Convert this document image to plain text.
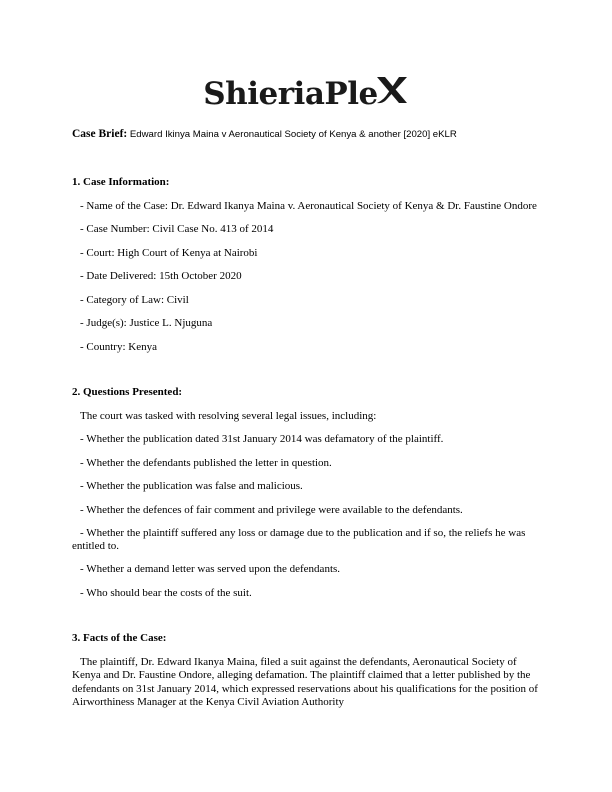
ShieriaPle
X
Case Brief: Edward Ikinya Maina v Aeronautical Society of Kenya & another [2020] eKLR

1. Case Information:

- Name of the Case: Dr. Edward Ikanya Maina v. Aeronautical Society of Kenya & Dr. Faustine Ondore

- Case Number: Civil Case No. 413 of 2014

- Court: High Court of Kenya at Nairobi

- Date Delivered: 15th October 2020

- Category of Law: Civil

- Judge(s): Justice L. Njuguna

- Country: Kenya

2. Questions Presented:

The court was tasked with resolving several legal issues, including:

- Whether the publication dated 31st January 2014 was defamatory of the plaintiff.

- Whether the defendants published the letter in question.

- Whether the publication was false and malicious.

- Whether the defences of fair comment and privilege were available to the defendants.

- Whether the plaintiff suffered any loss or damage due to the publication and if so, the reliefs he was entitled to.

- Whether a demand letter was served upon the defendants.

- Who should bear the costs of the suit.

3. Facts of the Case:

The plaintiff, Dr. Edward Ikanya Maina, filed a suit against the defendants, Aeronautical Society of Kenya and Dr. Faustine Ondore, alleging defamation. The plaintiff claimed that a letter published by the defendants on 31st January 2014, which expressed reservations about his qualifications for the position of Airworthiness Manager at the Kenya Civil Aviation Authority
